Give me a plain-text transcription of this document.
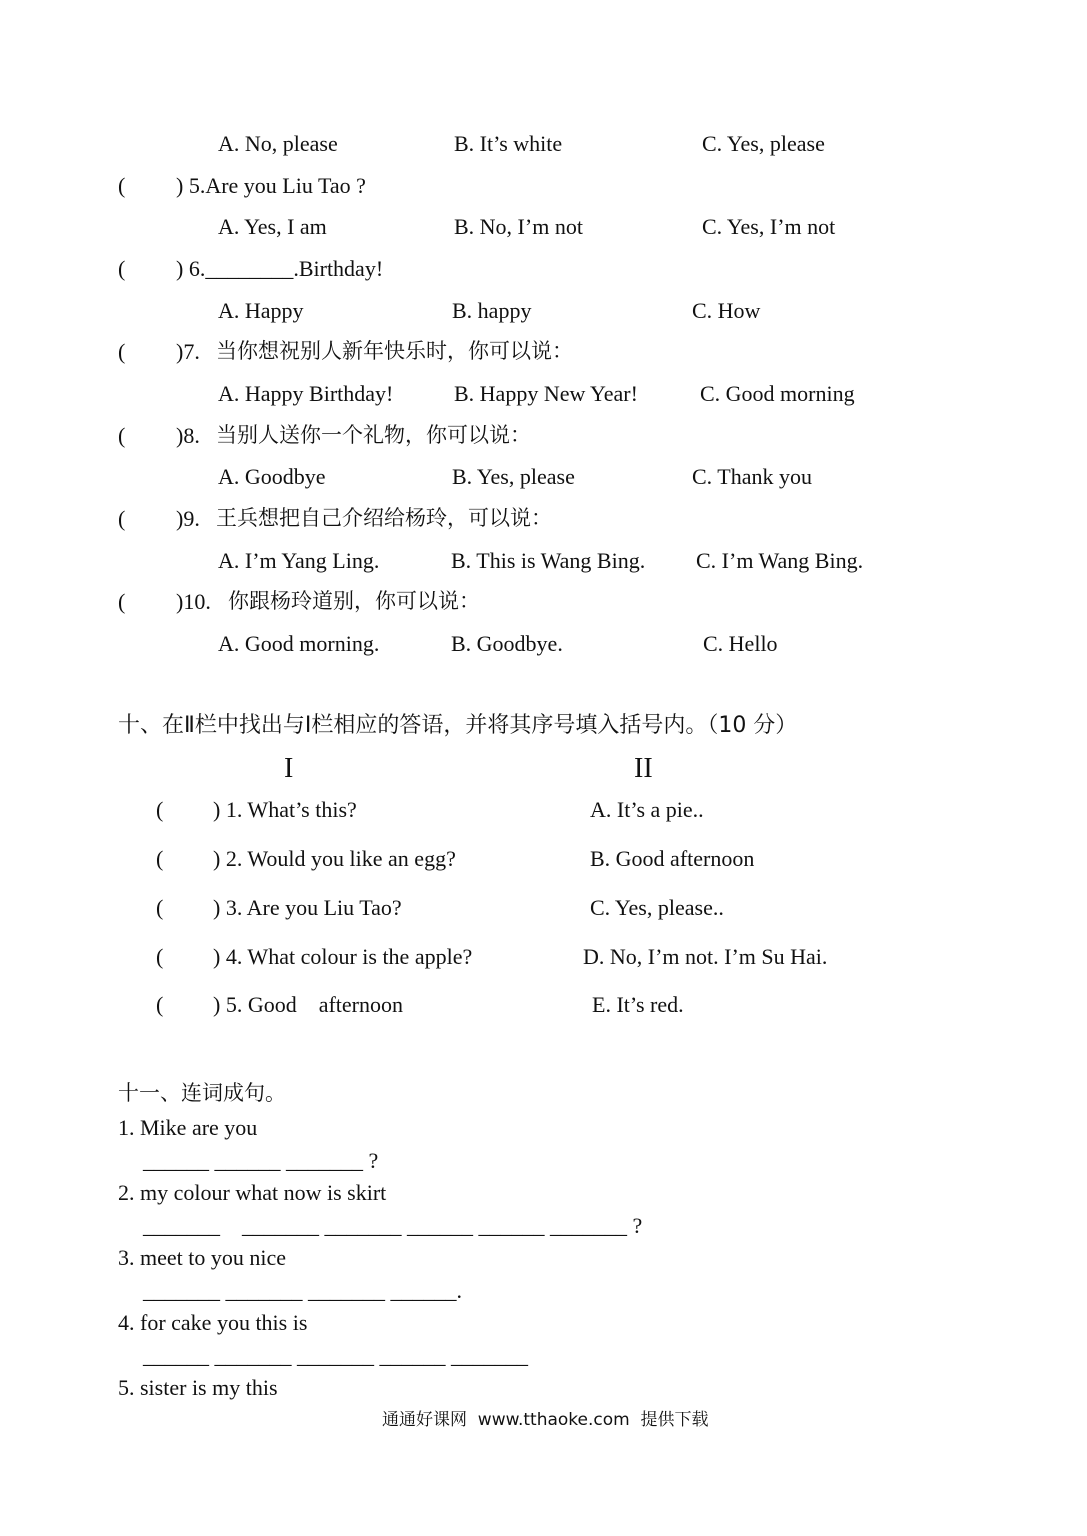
A. No, please	B. It’s white	C. Yes, please
( ) 5.Are you Liu Tao ?
A. Yes, I am	B. No, I’m not	C. Yes, I’m not
( ) 6.________.Birthday!
A. Happy	B. happy	C. How
( )7. 当你想祝别人新年快乐时，你可以说：
A. Happy Birthday!	B. Happy New Year!	C. Good morning
( )8. 当别人送你一个礼物，你可以说：
A. Goodbye	B. Yes, please	C. Thank you
( )9. 王兵想把自己介绍给杨玲，可以说：
A. I’m Yang Ling.	B. This is Wang Bing. C. I’m Wang Bing.
( )10. 你跟杨玲道别，你可以说：
A. Good morning.	B. Goodbye.	C. Hello
十、在Ⅱ栏中找出与Ⅰ栏相应的答语，并将其序号填入括号内。（10 分）
I	II
( ) 1. What’s this?	A. It’s a pie..
( ) 2. Would you like an egg?	B. Good afternoon
( ) 3. Are you Liu Tao?	C. Yes, please..
( ) 4. What colour is the apple?	D. No, I’m not. I’m Su Hai.
( ) 5. Good    afternoon	E. It’s red.
十一、连词成句。
1. Mike are you
______ ______ _______ ?
2. my colour what now is skirt
_______    _______ _______ ______ ______ _______ ?
3. meet to you nice
_______ _______ _______ ______.
4. for cake you this is
______ _______ _______ ______ _______
5. sister is my this
通通好课网  www.tthaoke.com  提供下载
